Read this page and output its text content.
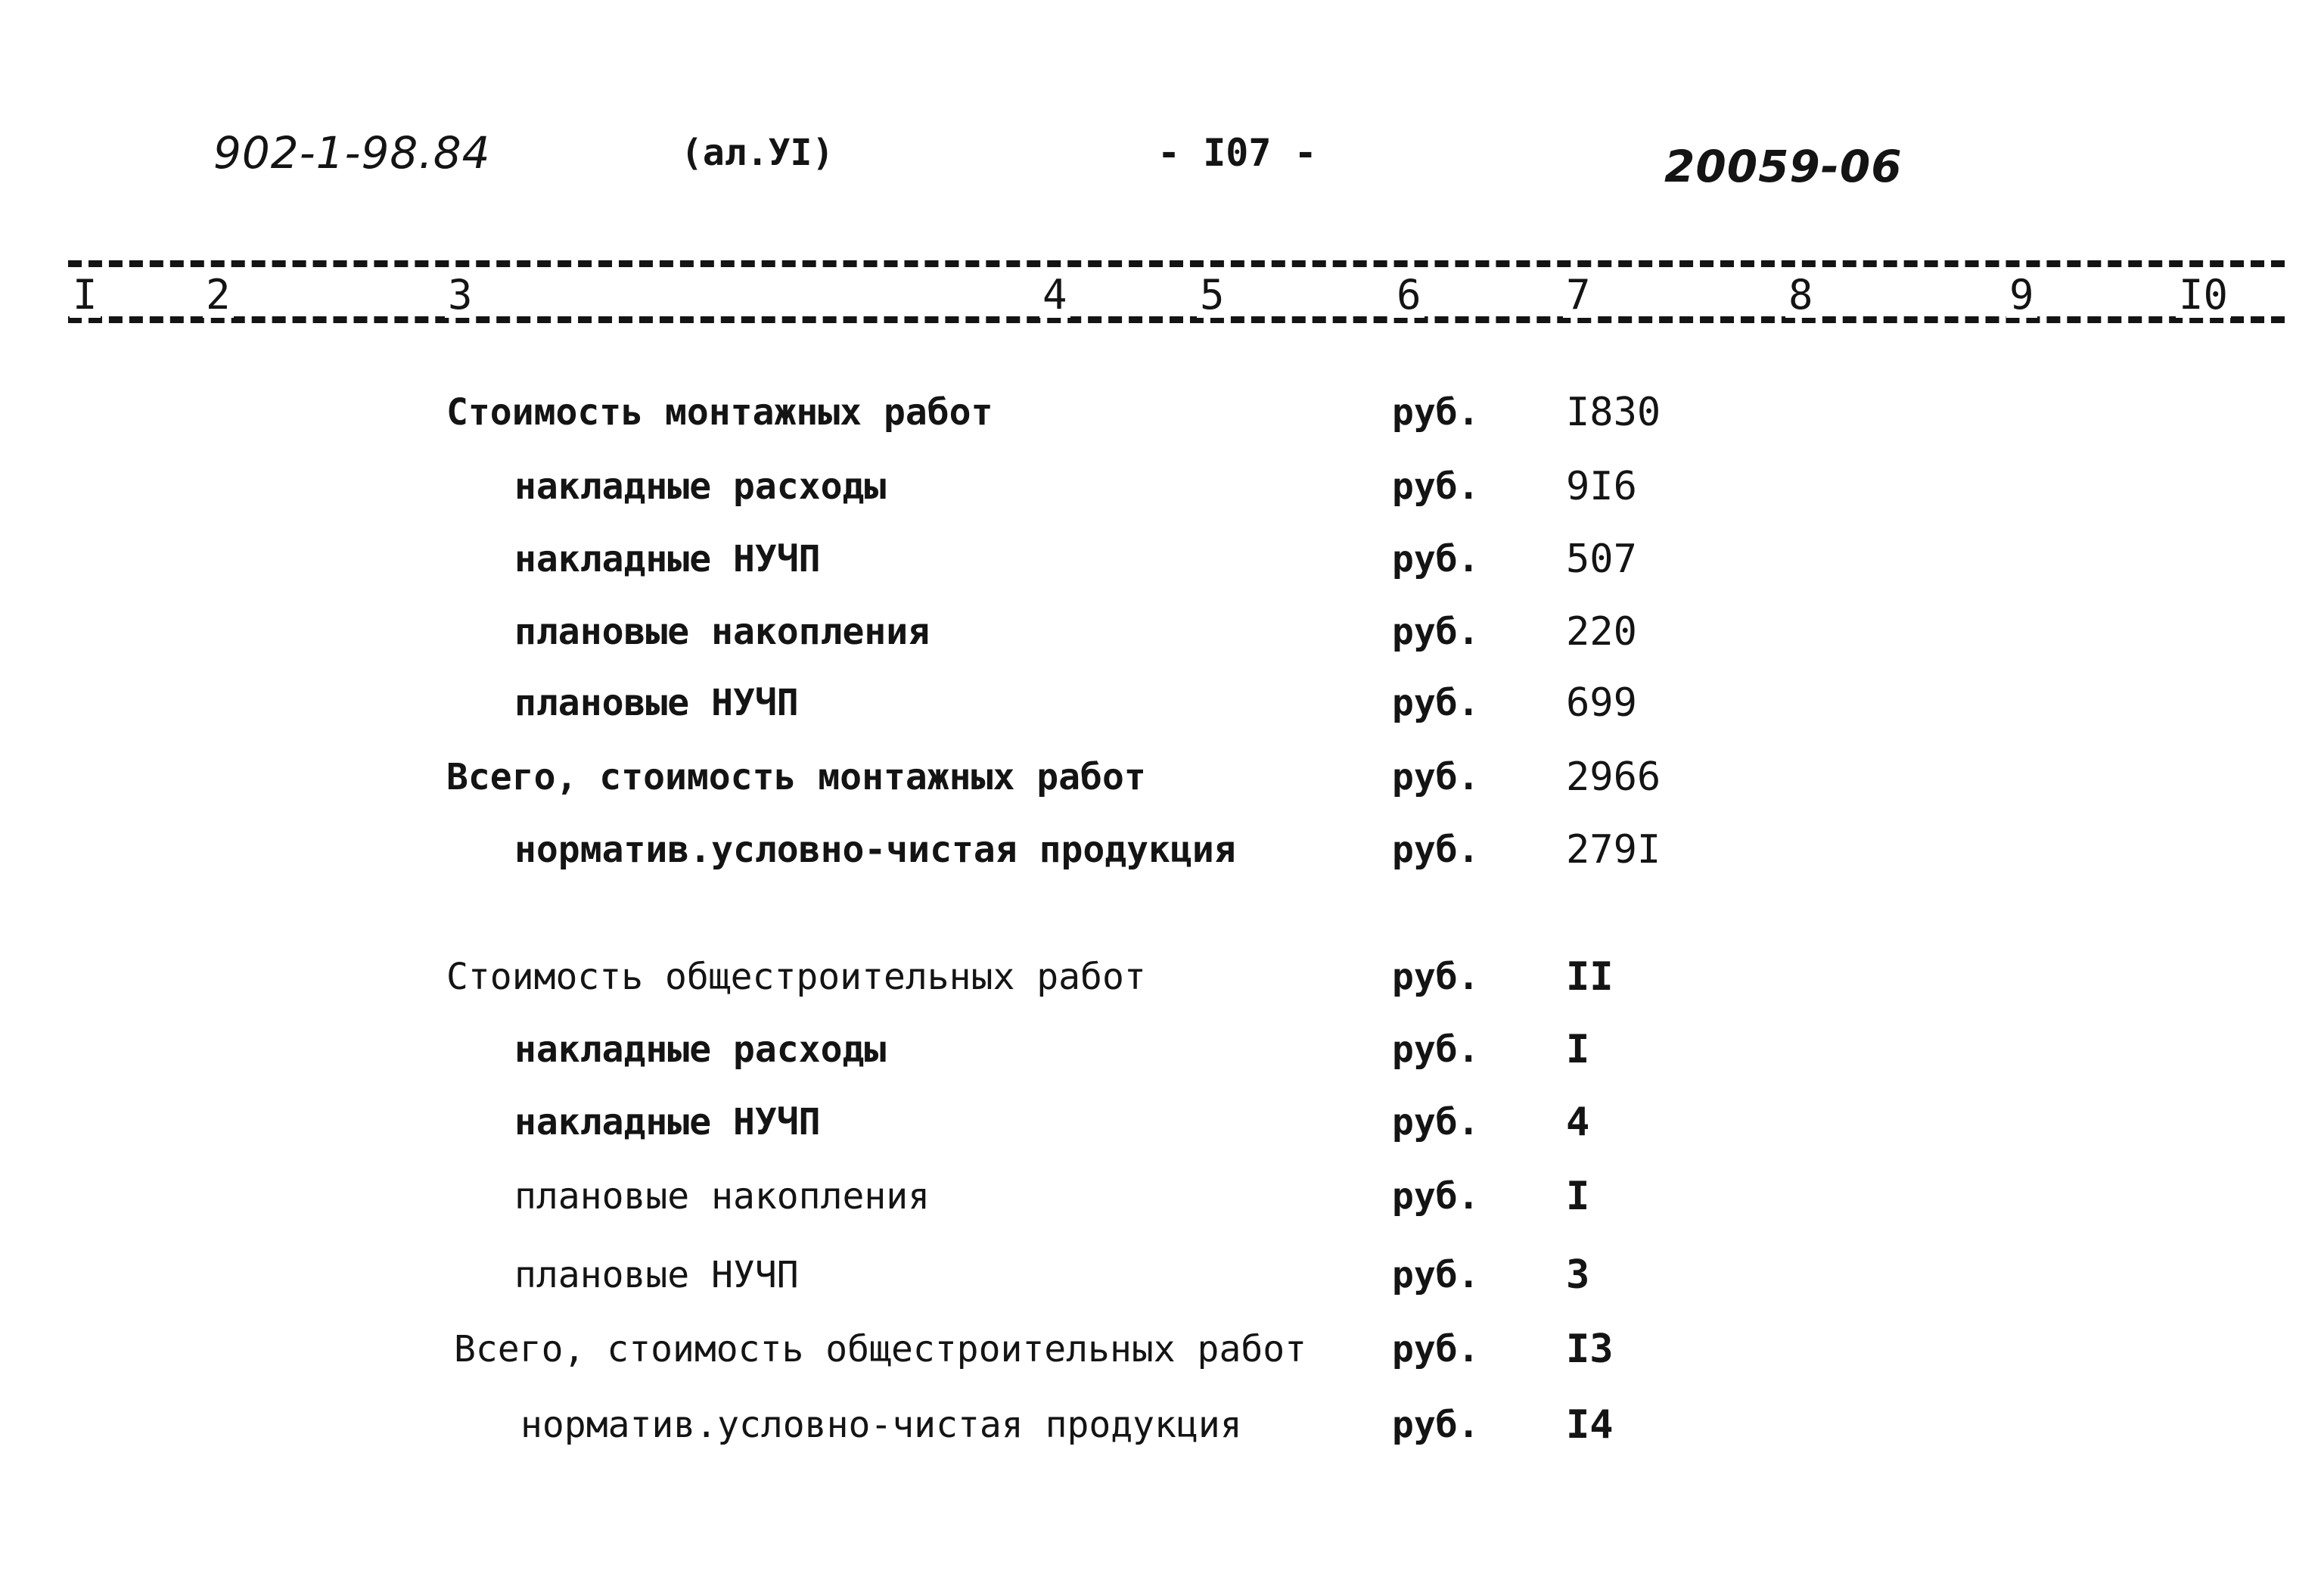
902-1-98.84	(ал.УI)	- I07 -	20059-06
I	2	3	4	5	6	7	8	9	I0
Стоимость монтажных работ	руб. I830
накладные расходы	руб. 9I6
накладные НУЧП	руб. 507
плановые накопления	руб. 220
плановые НУЧП	руб. 699
Всего, стоимость монтажных работ	руб. 2966
норматив.условно-чистая продукция	руб. 279I
Стоимость общестроительных работ	руб. II
накладные расходы	руб. I
накладные НУЧП	руб. 4
плановые накопления	руб. I
плановые НУЧП	руб. 3
Всего, стоимость общестроительных работ руб. I3
норматив.условно-чистая продукция	руб. I4
